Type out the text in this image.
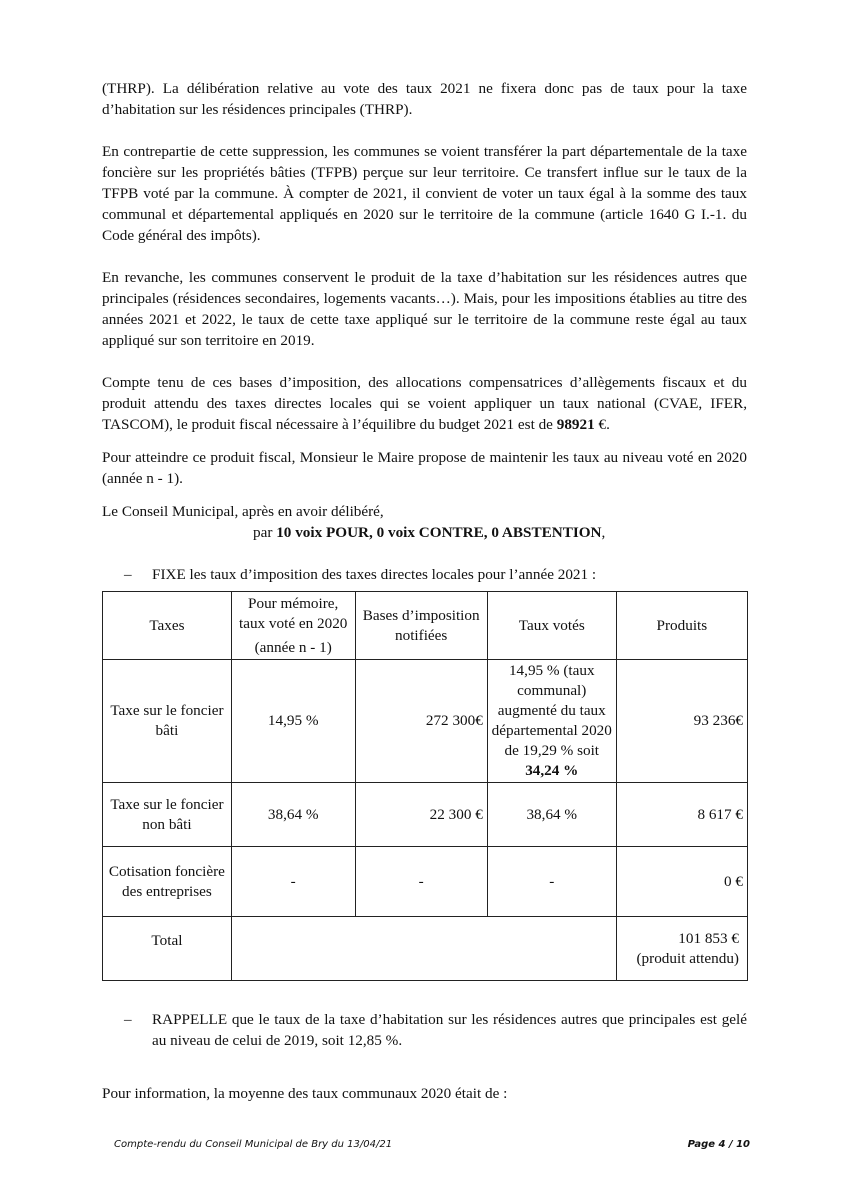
(THRP). La délibération relative au vote des taux 2021 ne fixera donc pas de taux pour la taxe d’habitation sur les résidences principales (THRP).

En contrepartie de cette suppression, les communes se voient transférer la part départementale de la taxe foncière sur les propriétés bâties (TFPB) perçue sur leur territoire. Ce transfert influe sur le taux de la TFPB voté par la commune. À compter de 2021, il convient de voter un taux égal à la somme des taux communal et départemental appliqués en 2020 sur le territoire de la commune (article 1640 G I.-1. du Code général des impôts).

En revanche, les communes conservent le produit de la taxe d’habitation sur les résidences autres que principales (résidences secondaires, logements vacants…). Mais, pour les impositions établies au titre des années 2021 et 2022, le taux de cette taxe appliqué sur le territoire de la commune reste égal au taux appliqué sur son territoire en 2019.

Compte tenu de ces bases d’imposition, des allocations compensatrices d’allègements fiscaux et du produit attendu des taxes directes locales qui se voient appliquer un taux national (CVAE, IFER, TASCOM), le produit fiscal nécessaire à l’équilibre du budget 2021 est de 98921 €.

Pour atteindre ce produit fiscal, Monsieur le Maire propose de maintenir les taux au niveau voté en 2020 (année n - 1).

Le Conseil Municipal, après en avoir délibéré,

par 10 voix POUR, 0 voix CONTRE, 0 ABSTENTION,

–	FIXE les taux d’imposition des taxes directes locales pour l’année 2021 :
Taxes	Pour mémoire,
taux voté en 2020
(année n - 1)	Bases d’imposition notifiées	Taux votés	Produits
Taxe sur le foncier bâti	14,95 %	272 300€	14,95 % (taux communal) augmenté du taux départemental 2020 de 19,29 % soit 34,24 %	93 236€
Taxe sur le foncier non bâti	38,64 %	22 300 €	38,64 %	8 617 €
Cotisation foncière des entreprises	-	-	-	0 €
Total				101 853 €
(produit attendu)
–	RAPPELLE que le taux de la taxe d’habitation sur les résidences autres que principales est gelé au niveau de celui de 2019, soit 12,85 %.

Pour information, la moyenne des taux communaux 2020 était de :

Compte-rendu du Conseil Municipal de Bry du 13/04/21	Page 4 / 10
